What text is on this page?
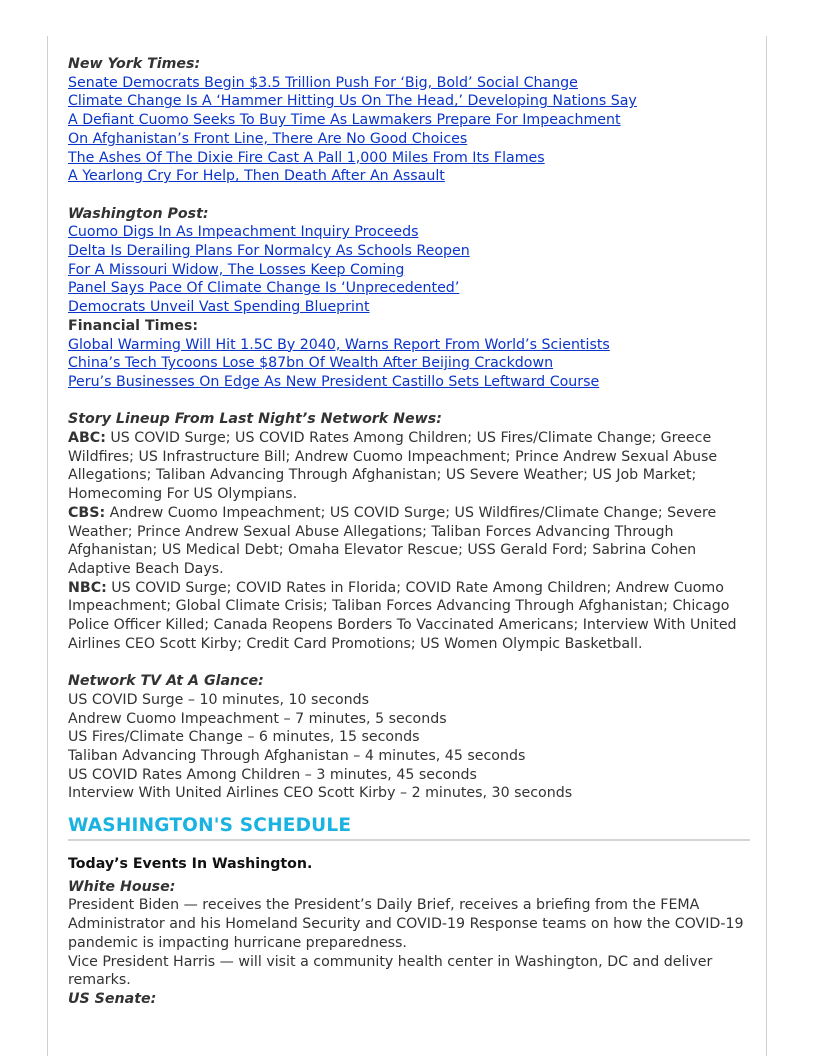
New York Times:
Senate Democrats Begin $3.5 Trillion Push For ‘Big, Bold’ Social Change
Climate Change Is A ‘Hammer Hitting Us On The Head,’ Developing Nations Say
A Defiant Cuomo Seeks To Buy Time As Lawmakers Prepare For Impeachment
On Afghanistan’s Front Line, There Are No Good Choices
The Ashes Of The Dixie Fire Cast A Pall 1,000 Miles From Its Flames
A Yearlong Cry For Help, Then Death After An Assault
Washington Post:
Cuomo Digs In As Impeachment Inquiry Proceeds
Delta Is Derailing Plans For Normalcy As Schools Reopen
For A Missouri Widow, The Losses Keep Coming
Panel Says Pace Of Climate Change Is ‘Unprecedented’
Democrats Unveil Vast Spending Blueprint
Financial Times:
Global Warming Will Hit 1.5C By 2040, Warns Report From World’s Scientists
China’s Tech Tycoons Lose $87bn Of Wealth After Beijing Crackdown
Peru’s Businesses On Edge As New President Castillo Sets Leftward Course
Story Lineup From Last Night’s Network News:
ABC: US COVID Surge; US COVID Rates Among Children; US Fires/Climate Change; Greece Wildfires; US Infrastructure Bill; Andrew Cuomo Impeachment; Prince Andrew Sexual Abuse Allegations; Taliban Advancing Through Afghanistan; US Severe Weather; US Job Market; Homecoming For US Olympians.
CBS: Andrew Cuomo Impeachment; US COVID Surge; US Wildfires/Climate Change; Severe Weather; Prince Andrew Sexual Abuse Allegations; Taliban Forces Advancing Through Afghanistan; US Medical Debt; Omaha Elevator Rescue; USS Gerald Ford; Sabrina Cohen Adaptive Beach Days.
NBC: US COVID Surge; COVID Rates in Florida; COVID Rate Among Children; Andrew Cuomo Impeachment; Global Climate Crisis; Taliban Forces Advancing Through Afghanistan; Chicago Police Officer Killed; Canada Reopens Borders To Vaccinated Americans; Interview With United Airlines CEO Scott Kirby; Credit Card Promotions; US Women Olympic Basketball.
Network TV At A Glance:
US COVID Surge – 10 minutes, 10 seconds
Andrew Cuomo Impeachment – 7 minutes, 5 seconds
US Fires/Climate Change – 6 minutes, 15 seconds
Taliban Advancing Through Afghanistan – 4 minutes, 45 seconds
US COVID Rates Among Children – 3 minutes, 45 seconds
Interview With United Airlines CEO Scott Kirby – 2 minutes, 30 seconds
WASHINGTON'S SCHEDULE
Today’s Events In Washington.
White House:
President Biden — receives the President’s Daily Brief, receives a briefing from the FEMA Administrator and his Homeland Security and COVID-19 Response teams on how the COVID-19 pandemic is impacting hurricane preparedness.
Vice President Harris — will visit a community health center in Washington, DC and deliver remarks.
US Senate:
